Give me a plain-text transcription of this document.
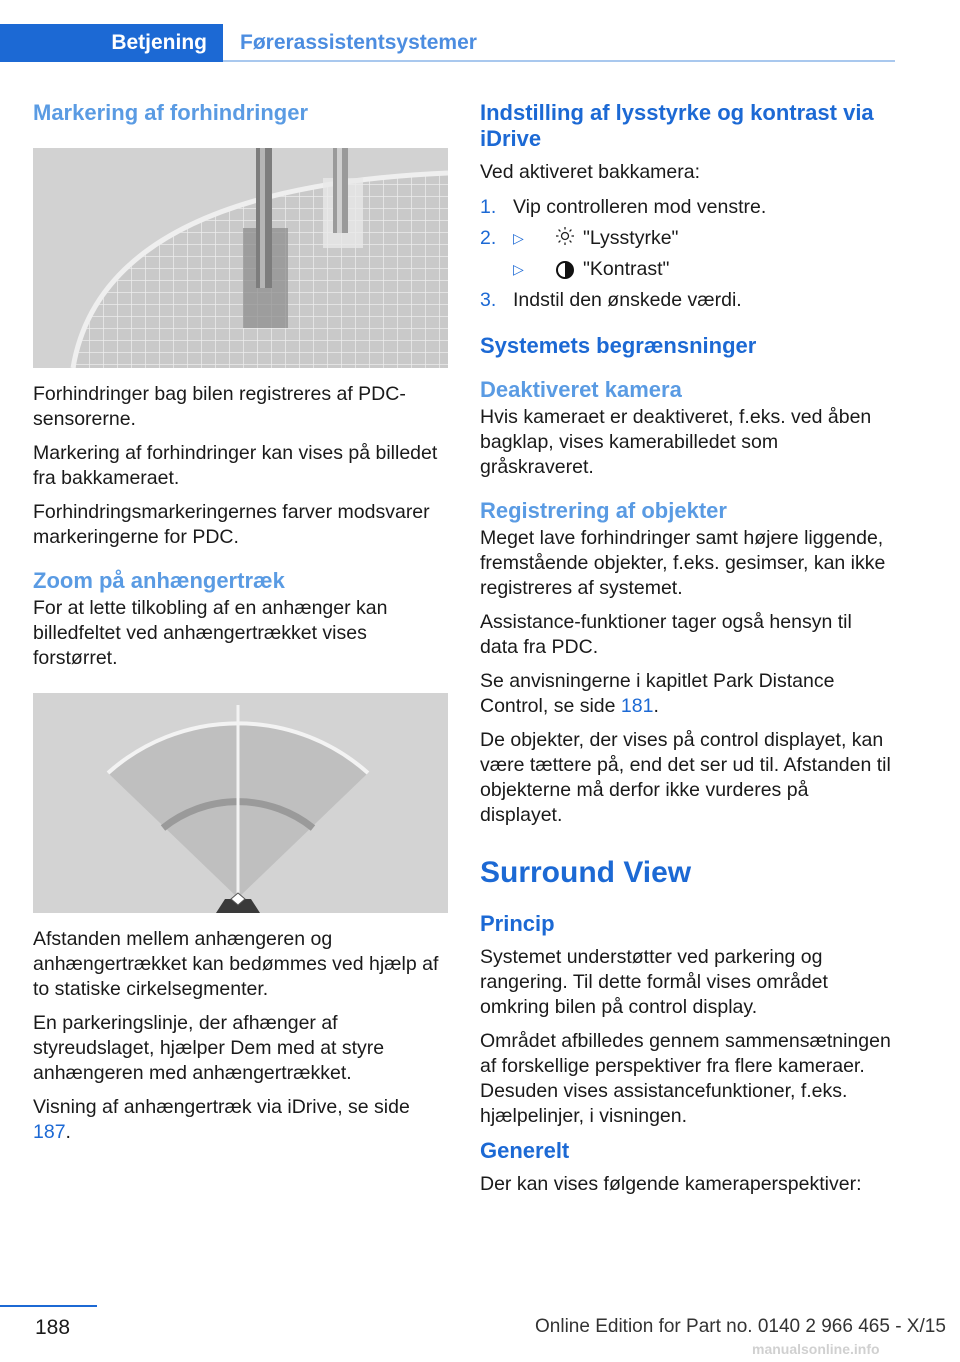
Betjening	Førerassistentsystemer
Markering af forhindringer

Forhindringer bag bilen registreres af PDC-sensorerne.

Markering af forhindringer kan vises på billedet fra bakkameraet.

Forhindringsmarkeringernes farver modsvarer markeringerne for PDC.

Zoom på anhængertræk

For at lette tilkobling af en anhænger kan billedfeltet ved anhængertrækket vises forstørret.

Afstanden mellem anhængeren og anhængertrækket kan bedømmes ved hjælp af to statiske cirkelsegmenter.

En parkeringslinje, der afhænger af styreudslaget, hjælper Dem med at styre anhængeren med anhængertrækket.

Visning af anhængertræk via iDrive, se side 187.

Indstilling af lysstyrke og kontrast via iDrive

Ved aktiveret bakkamera:

1. Vip controlleren mod venstre.
2.	▷	"Lysstyrke"
▷	"Kontrast"
3. Indstil den ønskede værdi.
Systemets begrænsninger
Deaktiveret kamera

Hvis kameraet er deaktiveret, f.eks. ved åben bagklap, vises kamerabilledet som gråskraveret.

Registrering af objekter

Meget lave forhindringer samt højere liggende, fremstående objekter, f.eks. gesimser, kan ikke registreres af systemet.

Assistance-funktioner tager også hensyn til data fra PDC.

Se anvisningerne i kapitlet Park Distance Control, se side 181.

De objekter, der vises på control displayet, kan være tættere på, end det ser ud til. Afstanden til objekterne må derfor ikke vurderes på displayet.

Surround View
Princip

Systemet understøtter ved parkering og rangering. Til dette formål vises området omkring bilen på control display.

Området afbilledes gennem sammensætningen af forskellige perspektiver fra flere kameraer. Desuden vises assistancefunktioner, f.eks. hjælpelinjer, i visningen.

Generelt

Der kan vises følgende kameraperspektiver:

188	Online Edition for Part no. 0140 2 966 465 - X/15
manualsonline.info
